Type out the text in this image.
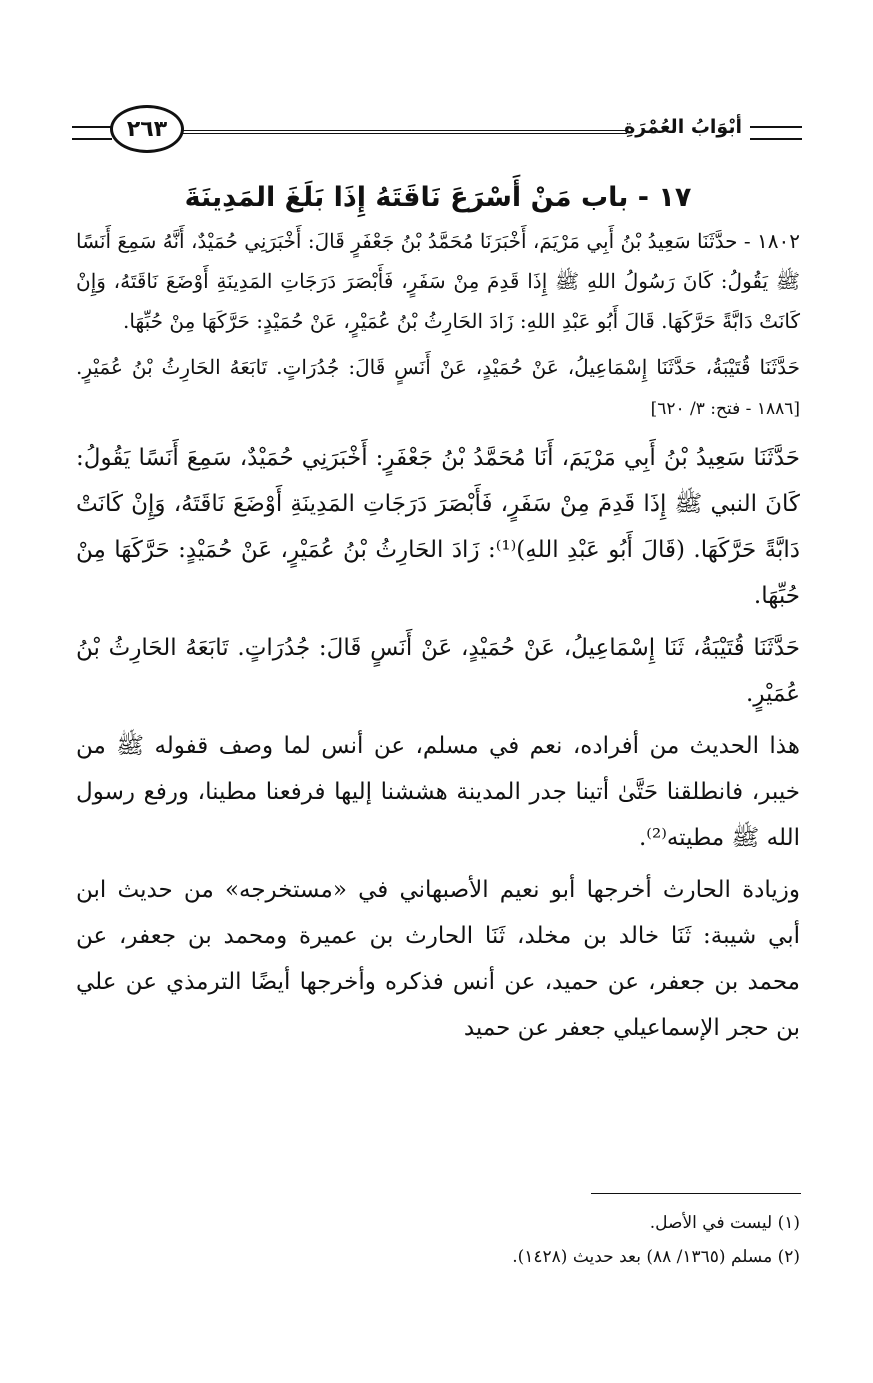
أبْوَابُ العُمْرَةِ
٢٦٣
١٧ - باب مَنْ أَسْرَعَ نَاقَتَهُ إِذَا بَلَغَ المَدِينَةَ

١٨٠٢ - حدَّثَنَا سَعِيدُ بْنُ أَبِي مَرْيَمَ، أَخْبَرَنَا مُحَمَّدُ بْنُ جَعْفَرٍ قَالَ: أَخْبَرَنِي حُمَيْدٌ، أَنَّهُ سَمِعَ أَنَسًا ﷺ يَقُولُ: كَانَ رَسُولُ اللهِ ﷺ إِذَا قَدِمَ مِنْ سَفَرٍ، فَأَبْصَرَ دَرَجَاتِ المَدِينَةِ أَوْضَعَ نَاقَتَهُ، وَإِنْ كَانَتْ دَابَّةً حَرَّكَهَا. قَالَ أَبُو عَبْدِ اللهِ: زَادَ الحَارِثُ بْنُ عُمَيْرٍ، عَنْ حُمَيْدٍ: حَرَّكَهَا مِنْ حُبِّهَا.

حَدَّثَنَا قُتَيْبَةُ، حَدَّثَنَا إِسْمَاعِيلُ، عَنْ حُمَيْدٍ، عَنْ أَنَسٍ قَالَ: جُدُرَاتٍ. تَابَعَهُ الحَارِثُ بْنُ عُمَيْرٍ. [١٨٨٦ - فتح: ٣/ ٦٢٠]

حَدَّثَنَا سَعِيدُ بْنُ أَبِي مَرْيَمَ، أَنَا مُحَمَّدُ بْنُ جَعْفَرٍ: أَخْبَرَنِي حُمَيْدٌ، سَمِعَ أَنَسًا يَقُولُ: كَانَ النبي ﷺ إِذَا قَدِمَ مِنْ سَفَرٍ، فَأَبْصَرَ دَرَجَاتِ المَدِينَةِ أَوْضَعَ نَاقَتَهُ، وَإِنْ كَانَتْ دَابَّةً حَرَّكَهَا. (قَالَ أَبُو عَبْدِ اللهِ)⁽¹⁾: زَادَ الحَارِثُ بْنُ عُمَيْرٍ، عَنْ حُمَيْدٍ: حَرَّكَهَا مِنْ حُبِّهَا.

حَدَّثَنَا قُتَيْبَةُ، ثَنَا إِسْمَاعِيلُ، عَنْ حُمَيْدٍ، عَنْ أَنَسٍ قَالَ: جُدُرَاتٍ. تَابَعَهُ الحَارِثُ بْنُ عُمَيْرٍ.

هذا الحديث من أفراده، نعم في مسلم، عن أنس لما وصف قفوله ﷺ من خيبر، فانطلقنا حَتَّىٰ أتينا جدر المدينة هششنا إليها فرفعنا مطينا، ورفع رسول الله ﷺ مطيته⁽²⁾.

وزيادة الحارث أخرجها أبو نعيم الأصبهاني في «مستخرجه» من حديث ابن أبي شيبة: ثَنَا خالد بن مخلد، ثَنَا الحارث بن عميرة ومحمد بن جعفر، عن محمد بن جعفر، عن حميد، عن أنس فذكره وأخرجها أيضًا الترمذي عن علي بن حجر الإسماعيلي جعفر عن حميد

(١) ليست في الأصل.

(٢) مسلم (١٣٦٥/ ٨٨) بعد حديث (١٤٢٨).
